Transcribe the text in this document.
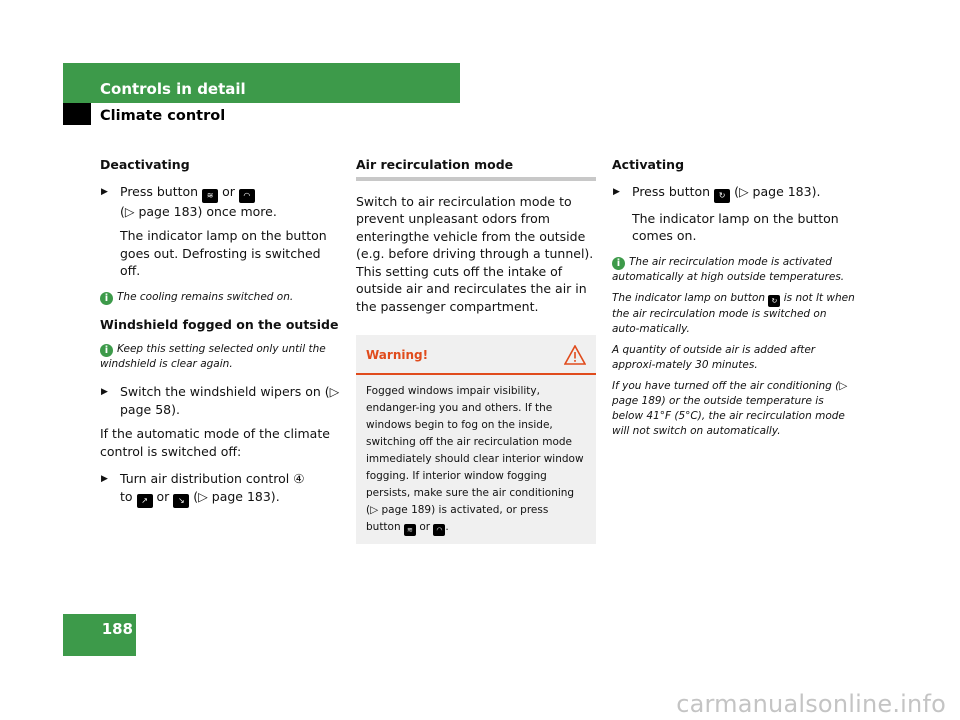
Controls in detail
Climate control
Deactivating
▶ Press button ≋ or ◠
(▷ page 183) once more.
The indicator lamp on the button goes out. Defrosting is switched off.
i The cooling remains switched on.
Windshield fogged on the outside
i Keep this setting selected only until the windshield is clear again.
▶ Switch the windshield wipers on (▷ page 58).
If the automatic mode of the climate control is switched off:
▶ Turn air distribution control ④
to ↗ or ↘ (▷ page 183).
Air recirculation mode
Switch to air recirculation mode to prevent unpleasant odors from enteringthe vehicle from the outside (e.g. before driving through a tunnel). This setting cuts off the intake of outside air and recirculates the air in the passenger compartment.
Warning!
Fogged windows impair visibility, endanger-ing you and others. If the windows begin to fog on the inside, switching off the air recirculation mode immediately should clear interior window fogging. If interior window fogging persists, make sure the air conditioning (▷ page 189) is activated, or press button ≋ or ◠ .
Activating
▶ Press button ↻ (▷ page 183).
The indicator lamp on the button comes on.

i The air recirculation mode is activated automatically at high outside temperatures.

The indicator lamp on button ↻ is not lt when the air recirculation mode is switched on auto-matically.

A quantity of outside air is added after approxi-mately 30 minutes.

If you have turned off the air conditioning (▷ page 189) or the outside temperature is below 41°F (5°C), the air recirculation mode will not switch on automatically.

188
carmanualsonline.info
